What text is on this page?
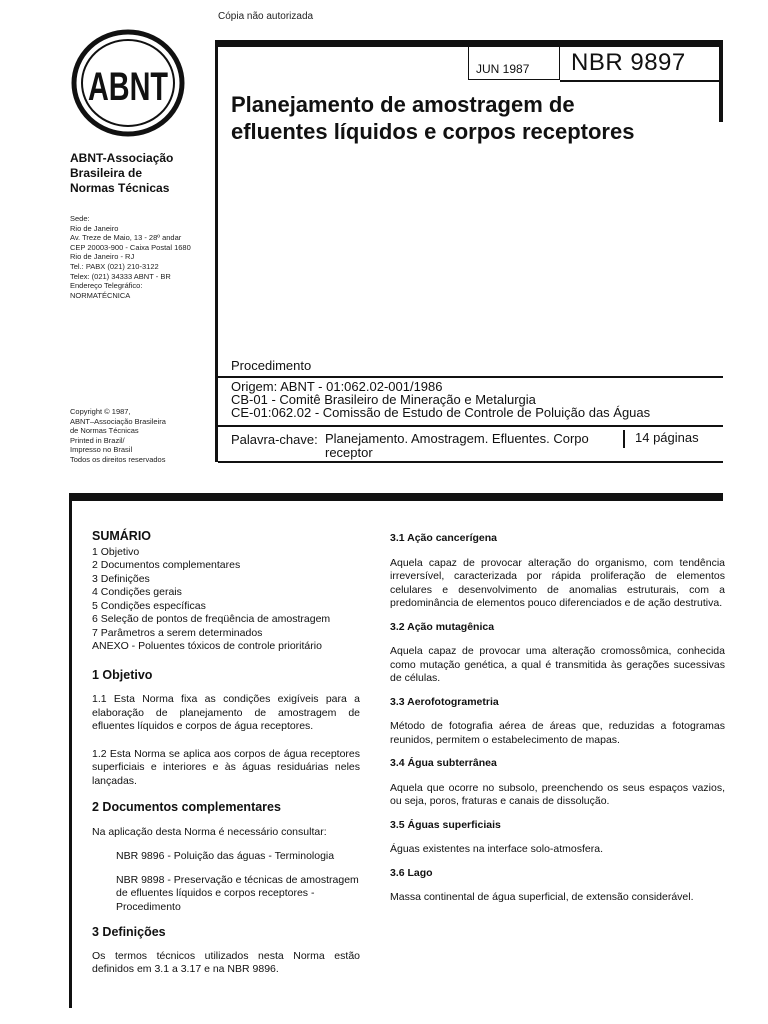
Cópia não autorizada
ABNT
ABNT-Associação
Brasileira de
Normas Técnicas
Sede:
Rio de Janeiro
Av. Treze de Maio, 13 - 28º andar
CEP 20003-900 - Caixa Postal 1680
Rio de Janeiro - RJ
Tel.: PABX (021) 210-3122
Telex: (021) 34333 ABNT - BR
Endereço Telegráfico:
NORMATÉCNICA
Copyright © 1987,
ABNT–Associação Brasileira
de Normas Técnicas
Printed in Brazil/
Impresso no Brasil
Todos os direitos reservados
JUN 1987 NBR 9897
Planejamento de amostragem de
efluentes líquidos e corpos receptores
Procedimento
Origem: ABNT - 01:062.02-001/1986
CB-01 - Comitê Brasileiro de Mineração e Metalurgia
CE-01:062.02 - Comissão de Estudo de Controle de Poluição das Águas
Palavra-chave: Planejamento. Amostragem. Efluentes. Corpo receptor
14 páginas
SUMÁRIO
1 Objetivo
2 Documentos complementares
3 Definições
4 Condições gerais
5 Condições específicas
6 Seleção de pontos de freqüência de amostragem
7 Parâmetros a serem determinados
ANEXO - Poluentes tóxicos de controle prioritário
1 Objetivo
1.1 Esta Norma fixa as condições exigíveis para a elaboração de planejamento de amostragem de efluentes líquidos e corpos de água receptores.
1.2 Esta Norma se aplica aos corpos de água receptores superficiais e interiores e às águas residuárias neles lançadas.
2 Documentos complementares
Na aplicação desta Norma é necessário consultar:
NBR 9896 - Poluição das águas - Terminologia
NBR 9898 - Preservação e técnicas de amostragem de efluentes líquidos e corpos receptores - Procedimento
3 Definições
Os termos técnicos utilizados nesta Norma estão definidos em 3.1 a 3.17 e na NBR 9896.
3.1 Ação cancerígena
Aquela capaz de provocar alteração do organismo, com tendência irreversível, caracterizada por rápida proliferação de elementos celulares e desenvolvimento de anomalias estruturais, com a predominância de elementos pouco diferenciados e de ação destrutiva.
3.2 Ação mutagênica
Aquela capaz de provocar uma alteração cromossômica, conhecida como mutação genética, a qual é transmitida às gerações sucessivas de células.
3.3 Aerofotogrametria
Método de fotografia aérea de áreas que, reduzidas a fotogramas reunidos, permitem o estabelecimento de mapas.
3.4 Água subterrânea
Aquela que ocorre no subsolo, preenchendo os seus espaços vazios, ou seja, poros, fraturas e canais de dissolução.
3.5 Águas superficiais
Águas existentes na interface solo-atmosfera.
3.6 Lago
Massa continental de água superficial, de extensão considerável.
